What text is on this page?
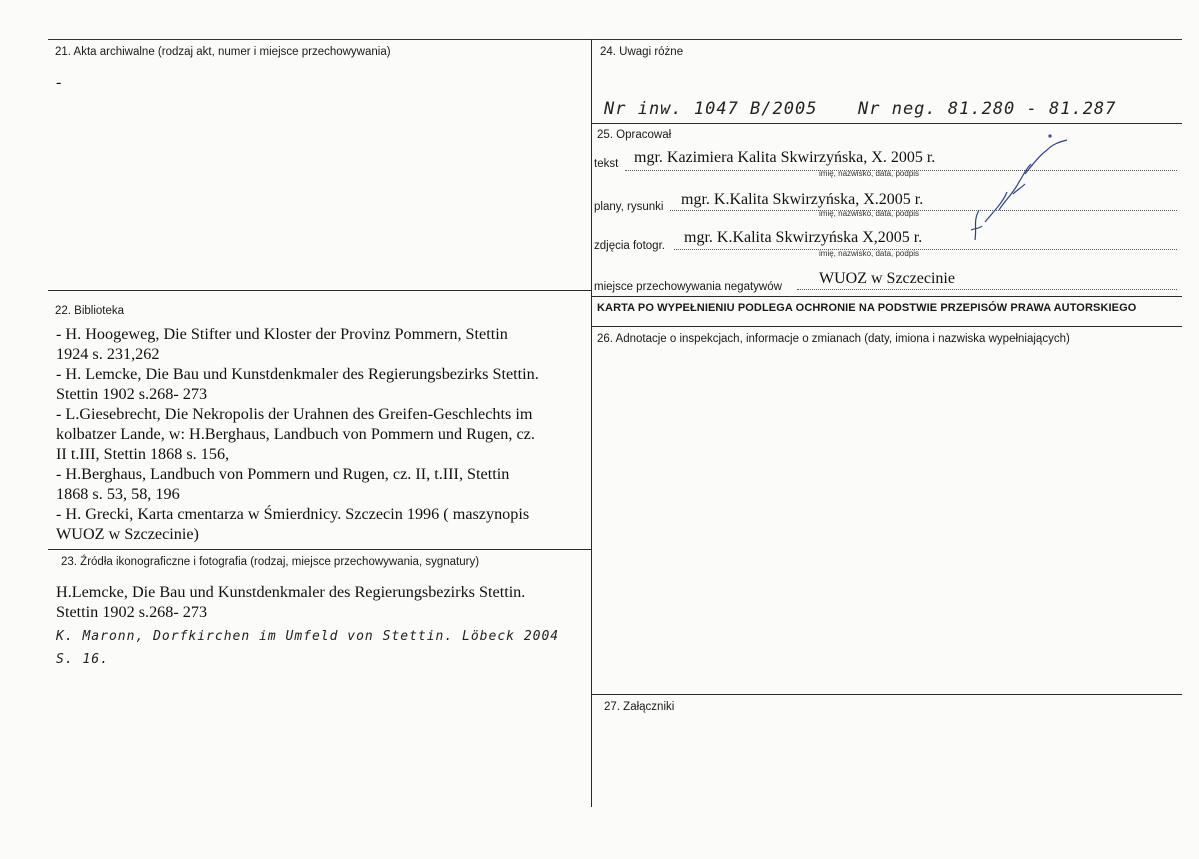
21. Akta archiwalne (rodzaj akt, numer i miejsce przechowywania)
-
22. Biblioteka

- H. Hoogeweg, Die Stifter und Kloster der Provinz Pommern, Stettin

1924 s. 231,262

- H. Lemcke, Die Bau und Kunstdenkmaler des Regierungsbezirks Stettin.

Stettin 1902 s.268- 273

- L.Giesebrecht, Die Nekropolis der Urahnen des Greifen-Geschlechts im

kolbatzer Lande, w: H.Berghaus, Landbuch von Pommern und Rugen, cz.

II t.III, Stettin 1868 s. 156,

- H.Berghaus, Landbuch von Pommern und Rugen, cz. II, t.III, Stettin

1868 s. 53, 58, 196

- H. Grecki, Karta cmentarza w Śmierdnicy. Szczecin 1996 ( maszynopis

WUOZ w Szczecinie)

23. Źródła ikonograficzne i fotografia (rodzaj, miejsce przechowywania, sygnatury)

H.Lemcke, Die Bau und Kunstdenkmaler des Regierungsbezirks Stettin.

Stettin 1902 s.268- 273

K. Maronn, Dorfkirchen im Umfeld von Stettin. Löbeck 2004
S. 16.
24. Uwagi różne
Nr inw. 1047 B/2005 Nr neg. 81.280 - 81.287
25. Opracował
tekst mgr. Kazimiera Kalita Skwirzyńska, X. 2005 r.
imię, nazwisko, data, podpis
plany, rysunki mgr. K.Kalita Skwirzyńska, X.2005 r.
imię, nazwisko, data, podpis
zdjęcia fotogr. mgr. K.Kalita Skwirzyńska X,2005 r.
imię, nazwisko, data, podpis
miejsce przechowywania negatywów WUOZ w Szczecinie
KARTA PO WYPEŁNIENIU PODLEGA OCHRONIE NA PODSTWIE PRZEPISÓW PRAWA AUTORSKIEGO
26. Adnotacje o inspekcjach, informacje o zmianach (daty, imiona i nazwiska wypełniających)
27. Załączniki
